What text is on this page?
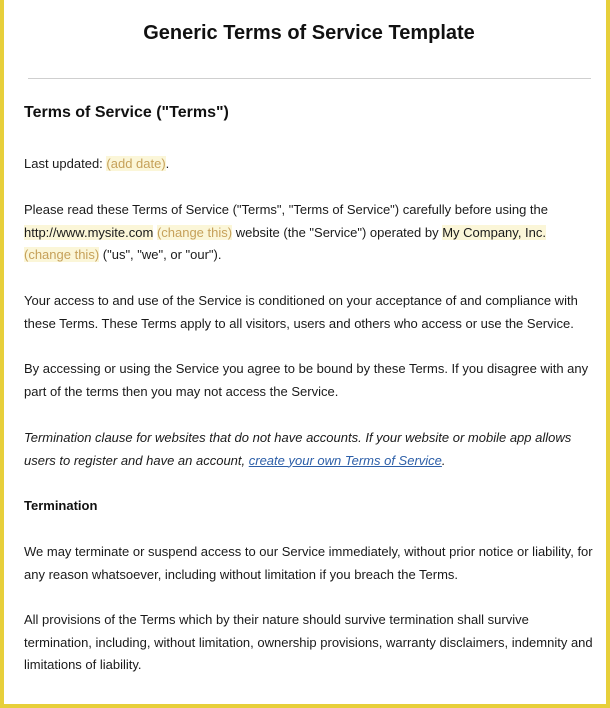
Generic Terms of Service Template
Terms of Service ("Terms")
Last updated: (add date).
Please read these Terms of Service ("Terms", "Terms of Service") carefully before using the
http://www.mysite.com (change this) website (the "Service") operated by My Company, Inc.
(change this) ("us", "we", or "our").
Your access to and use of the Service is conditioned on your acceptance of and compliance with these Terms. These Terms apply to all visitors, users and others who access or use the Service.
By accessing or using the Service you agree to be bound by these Terms. If you disagree with any part of the terms then you may not access the Service.
Termination clause for websites that do not have accounts. If your website or mobile app allows users to register and have an account, create your own Terms of Service.
Termination
We may terminate or suspend access to our Service immediately, without prior notice or liability, for any reason whatsoever, including without limitation if you breach the Terms.
All provisions of the Terms which by their nature should survive termination shall survive termination, including, without limitation, ownership provisions, warranty disclaimers, indemnity and limitations of liability.
